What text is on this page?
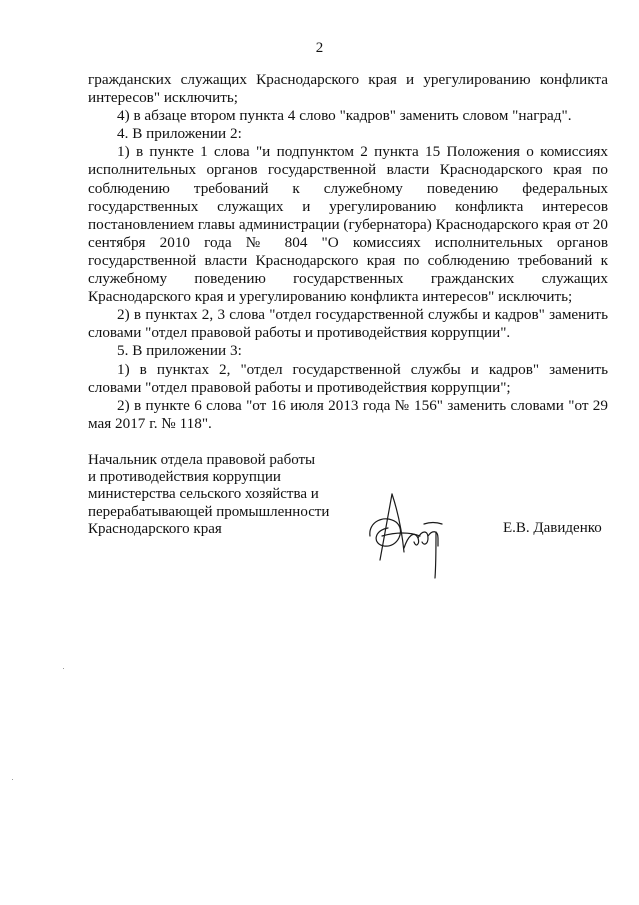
2

гражданских служащих Краснодарского края и урегулированию конфликта интересов" исключить;

4) в абзаце втором пункта 4 слово "кадров" заменить словом "наград".

4. В приложении 2:

1) в пункте 1 слова "и подпунктом 2 пункта 15 Положения о комиссиях исполнительных органов государственной власти Краснодарского края по соблюдению требований к служебному поведению федеральных государственных служащих и урегулированию конфликта интересов постановлением главы администрации (губернатора) Краснодарского края от 20 сентября 2010 года № 804 "О комиссиях исполнительных органов государственной власти Краснодарского края по соблюдению требований к служебному поведению государственных гражданских служащих Краснодарского края и урегулированию конфликта интересов" исключить;

2) в пунктах 2, 3 слова "отдел государственной службы и кадров" заменить словами "отдел правовой работы и противодействия коррупции".

5. В приложении 3:

1) в пунктах 2, "отдел государственной службы и кадров" заменить словами "отдел правовой работы и противодействия коррупции";

2) в пункте 6 слова "от 16 июля 2013 года № 156" заменить словами "от 29 мая 2017 г. № 118".

Начальник отдела правовой работы
и противодействия коррупции
министерства сельского хозяйства и
перерабатывающей промышленности
Краснодарского края	Е.В. Давиденко
